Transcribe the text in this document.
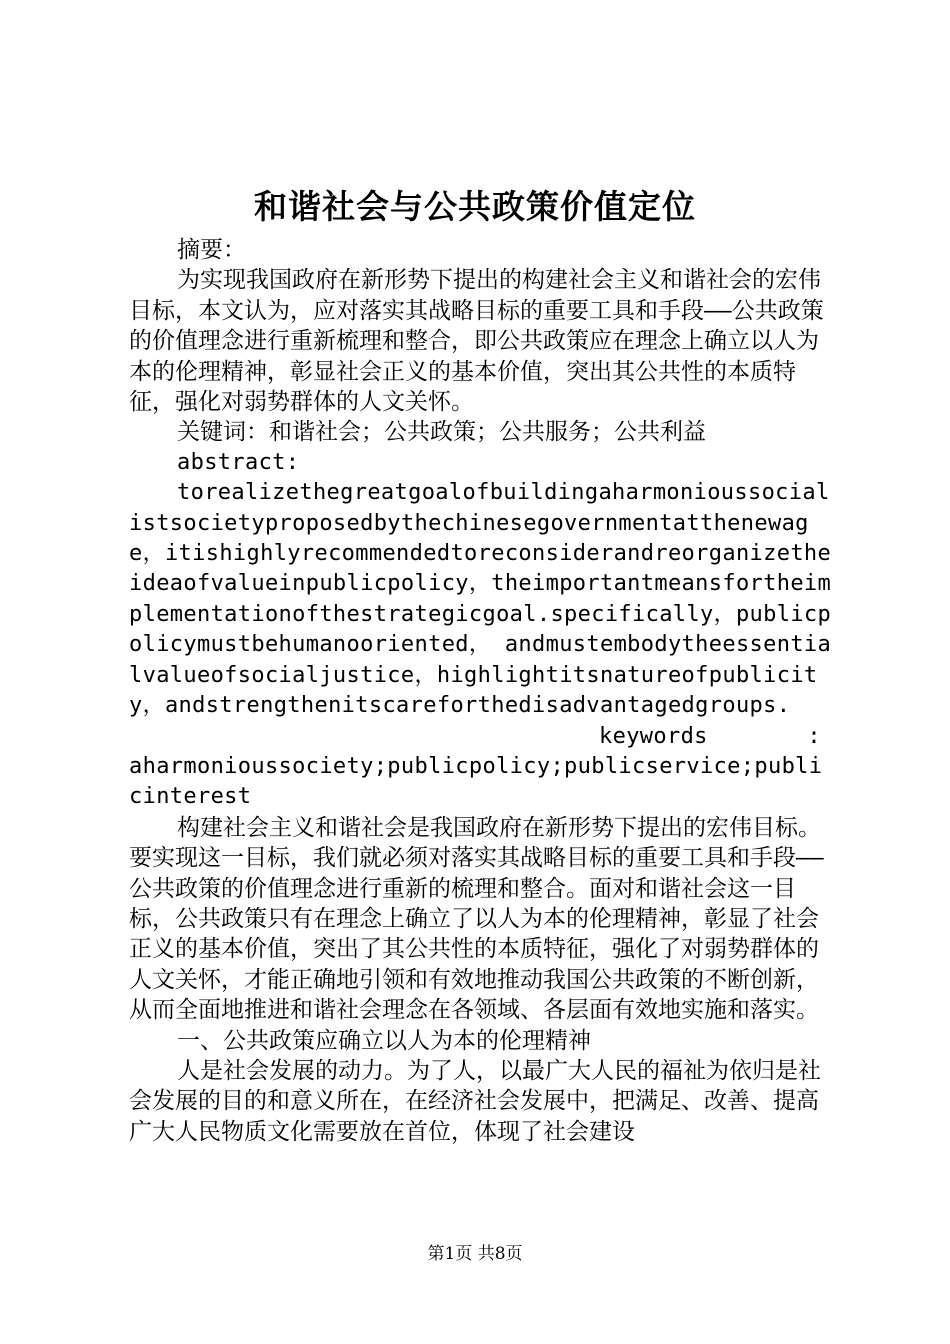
和谐社会与公共政策价值定位

摘要：

为实现我国政府在新形势下提出的构建社会主义和谐社会的宏伟目标，本文认为，应对落实其战略目标的重要工具和手段——公共政策的价值理念进行重新梳理和整合，即公共政策应在理念上确立以人为本的伦理精神，彰显社会正义的基本价值，突出其公共性的本质特征，强化对弱势群体的人文关怀。

关键词：和谐社会；公共政策；公共服务；公共利益

abstract:

torealizethegreatgoalofbuildingaharmonioussocialistsocietyproposedbythechinesegovernmentatthenewage，itishighlyrecommendedtoreconsiderandreorganizetheideaofvalueinpublicpolicy，theimportantmeansfortheimplementationofthestrategicgoal.specifically，publicpolicymustbehumanooriented， andmustembodytheessentialvalueofsocialjustice，highlightitsnatureofpublicity，andstrengthenitscareforthedisadvantagedgroups.

keywords	:

aharmonioussociety;publicpolicy;publicservice;publicinterest

构建社会主义和谐社会是我国政府在新形势下提出的宏伟目标。要实现这一目标，我们就必须对落实其战略目标的重要工具和手段——公共政策的价值理念进行重新的梳理和整合。面对和谐社会这一目标，公共政策只有在理念上确立了以人为本的伦理精神，彰显了社会正义的基本价值，突出了其公共性的本质特征，强化了对弱势群体的人文关怀，才能正确地引领和有效地推动我国公共政策的不断创新，从而全面地推进和谐社会理念在各领域、各层面有效地实施和落实。

一、公共政策应确立以人为本的伦理精神

人是社会发展的动力。为了人，以最广大人民的福祉为依归是社会发展的目的和意义所在，在经济社会发展中，把满足、改善、提高广大人民物质文化需要放在首位，体现了社会建设

第1页 共8页
